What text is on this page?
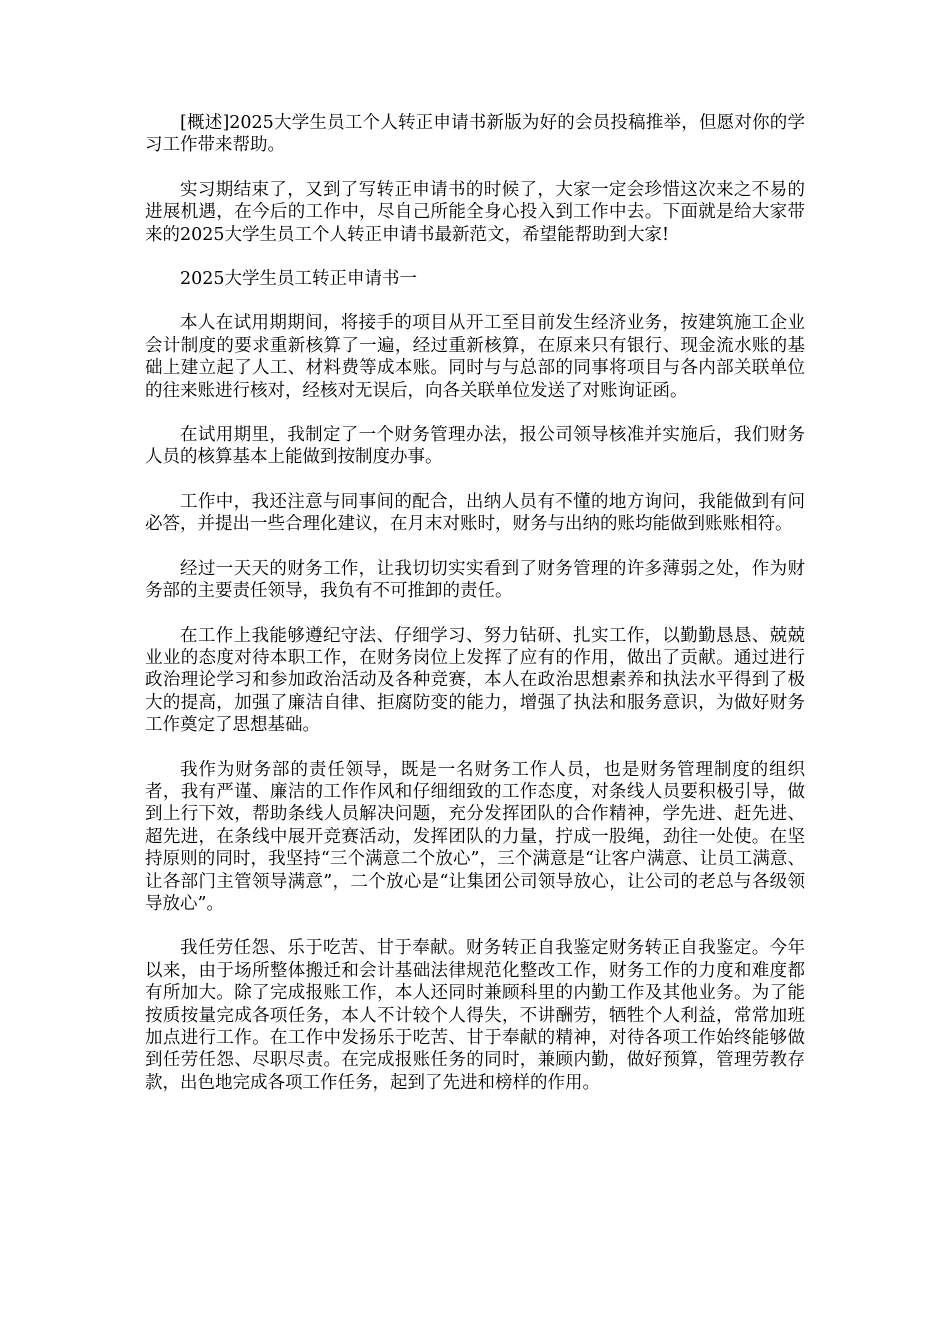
[概述]2025大学生员工个人转正申请书新版为好的会员投稿推举，但愿对你的学习工作带来帮助。

实习期结束了，又到了写转正申请书的时候了，大家一定会珍惜这次来之不易的进展机遇，在今后的工作中，尽自己所能全身心投入到工作中去。下面就是给大家带来的2025大学生员工个人转正申请书最新范文，希望能帮助到大家!

2025大学生员工转正申请书一

本人在试用期期间，将接手的项目从开工至目前发生经济业务，按建筑施工企业会计制度的要求重新核算了一遍，经过重新核算，在原来只有银行、现金流水账的基础上建立起了人工、材料费等成本账。同时与与总部的同事将项目与各内部关联单位的往来账进行核对，经核对无误后，向各关联单位发送了对账询证函。

在试用期里，我制定了一个财务管理办法，报公司领导核准并实施后，我们财务人员的核算基本上能做到按制度办事。

工作中，我还注意与同事间的配合，出纳人员有不懂的地方询问，我能做到有问必答，并提出一些合理化建议，在月末对账时，财务与出纳的账均能做到账账相符。

经过一天天的财务工作，让我切切实实看到了财务管理的许多薄弱之处，作为财务部的主要责任领导，我负有不可推卸的责任。

在工作上我能够遵纪守法、仔细学习、努力钻研、扎实工作，以勤勤恳恳、兢兢业业的态度对待本职工作，在财务岗位上发挥了应有的作用，做出了贡献。通过进行政治理论学习和参加政治活动及各种竞赛，本人在政治思想素养和执法水平得到了极大的提高，加强了廉洁自律、拒腐防变的能力，增强了执法和服务意识，为做好财务工作奠定了思想基础。

我作为财务部的责任领导，既是一名财务工作人员，也是财务管理制度的组织者，我有严谨、廉洁的工作作风和仔细细致的工作态度，对条线人员要积极引导，做到上行下效，帮助条线人员解决问题，充分发挥团队的合作精神，学先进、赶先进、超先进，在条线中展开竞赛活动，发挥团队的力量，拧成一股绳，劲往一处使。在坚持原则的同时，我坚持“三个满意二个放心”，三个满意是“让客户满意、让员工满意、让各部门主管领导满意”，二个放心是“让集团公司领导放心，让公司的老总与各级领导放心”。

我任劳任怨、乐于吃苦、甘于奉献。财务转正自我鉴定财务转正自我鉴定。今年以来，由于场所整体搬迁和会计基础法律规范化整改工作，财务工作的力度和难度都有所加大。除了完成报账工作，本人还同时兼顾科里的内勤工作及其他业务。为了能按质按量完成各项任务，本人不计较个人得失，不讲酬劳，牺牲个人利益，常常加班加点进行工作。在工作中发扬乐于吃苦、甘于奉献的精神，对待各项工作始终能够做到任劳任怨、尽职尽责。在完成报账任务的同时，兼顾内勤，做好预算，管理劳教存款，出色地完成各项工作任务，起到了先进和榜样的作用。
